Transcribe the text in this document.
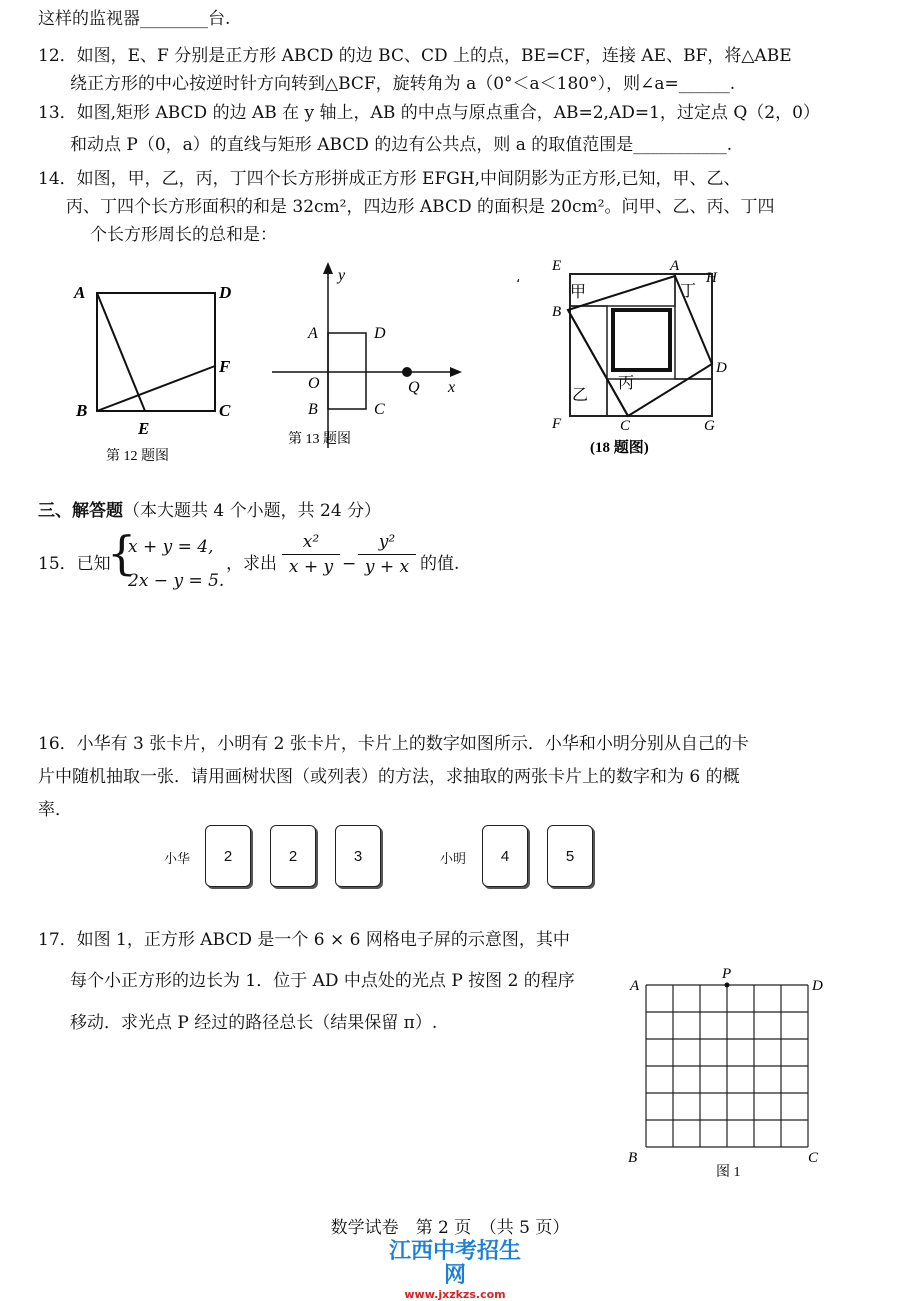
这样的监视器________台.
12．如图，E、F 分别是正方形 ABCD 的边 BC、CD 上的点，BE=CF，连接 AE、BF，将△ABE
绕正方形的中心按逆时针方向转到△BCF，旋转角为 a（0°＜a＜180°），则∠a=______.
13．如图,矩形 ABCD 的边 AB 在 y 轴上，AB 的中点与原点重合，AB=2,AD=1，过定点 Q（2，0）
和动点 P（0，a）的直线与矩形 ABCD 的边有公共点，则 a 的取值范围是___________.
14．如图，甲，乙，丙，丁四个长方形拼成正方形 EFGH,中间阴影为正方形,已知，甲、乙、
丙、丁四个长方形面积的和是 32cm²，四边形 ABCD 的面积是 20cm²。问甲、乙、丙、丁四
个长方形周长的总和是：
A	D
F
B	C
E
第 12 题图
y
x
A	D
O	Q
B	C
第 13 题图
،
E	A
H
B
D
F	C	G
甲	丁
丙
乙
(18 题图)
三、解答题（本大题共 4 个小题，共 24 分）
15．已知
{
x + y = 4,
2x − y = 5.
，求出
x²
x + y −
y²
y + x 的值.
16．小华有 3 张卡片，小明有 2 张卡片，卡片上的数字如图所示．小华和小明分别从自己的卡
片中随机抽取一张．请用画树状图（或列表）的方法，求抽取的两张卡片上的数字和为 6 的概
率．
小华	2	2	3	小明	4	5
17．如图 1，正方形 ABCD 是一个 6 × 6 网格电子屏的示意图，其中
每个小正方形的边长为 1．位于 AD 中点处的光点 P 按图 2 的程序
移动．求光点 P 经过的路径总长（结果保留 π）.
A	D
P
B	C
图 1
数学试卷　第 2 页　（共 5 页）
江西中考招生网
www.jxzkzs.com
